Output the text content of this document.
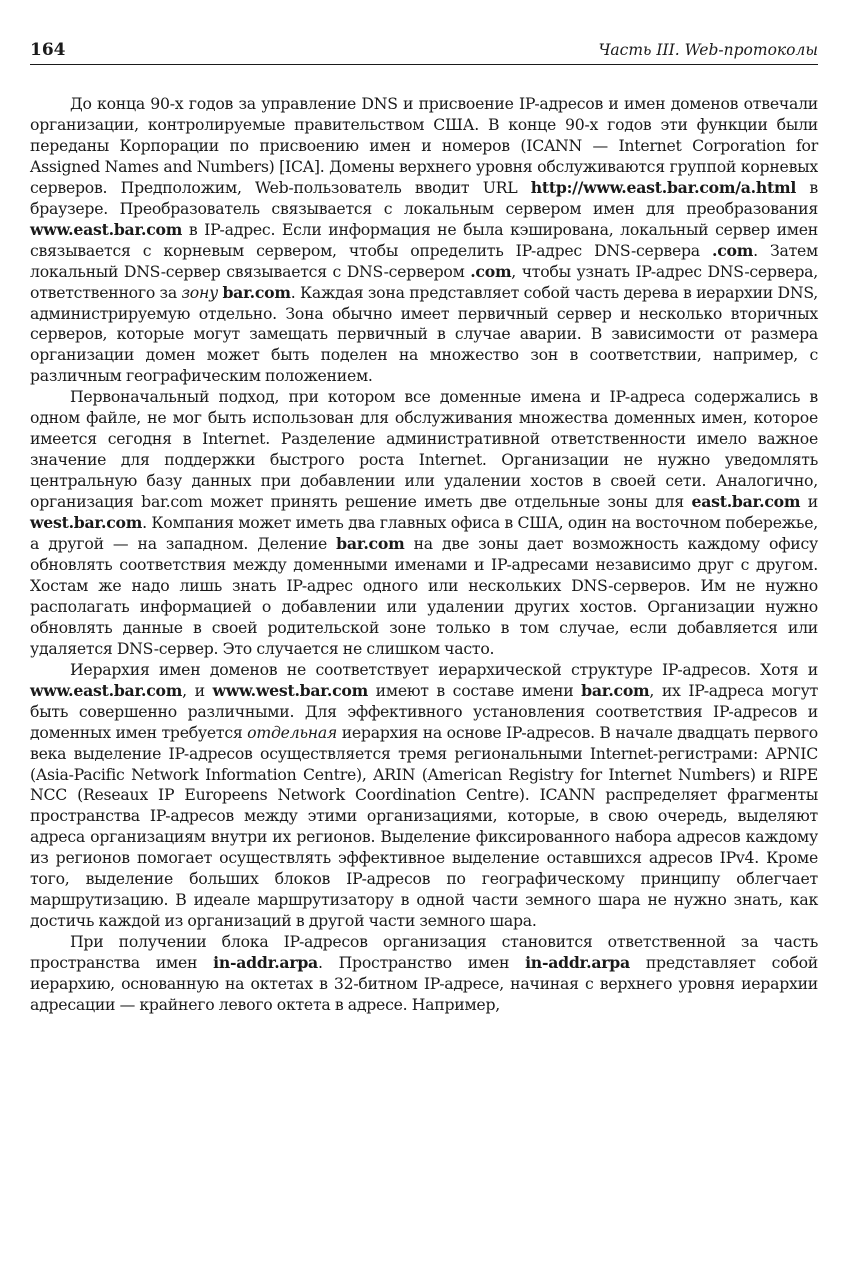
164	Часть III. Web-протоколы

До конца 90-х годов за управление DNS и присвоение IP-адресов и имен доменов отвечали организации, контролируемые правительством США. В конце 90-х годов эти функции были переданы Корпорации по присвоению имен и номеров (ICANN — Internet Corporation for Assigned Names and Numbers) [ICA]. Домены верхнего уровня обслуживаются группой корневых серверов. Предположим, Web-пользователь вводит URL http://www.east.bar.com/a.html в браузере. Преобразователь связывается с локальным сервером имен для преобразования www.east.bar.com в IP-адрес. Если информация не была кэширована, локальный сервер имен связывается с корневым сервером, чтобы определить IP-адрес DNS-сервера .com. Затем локальный DNS-сервер связывается с DNS-сервером .com, чтобы узнать IP-адрес DNS-сервера, ответственного за зону bar.com. Каждая зона представляет собой часть дерева в иерархии DNS, администрируемую отдельно. Зона обычно имеет первичный сервер и несколько вторичных серверов, которые могут замещать первичный в случае аварии. В зависимости от размера организации домен может быть поделен на множество зон в соответствии, например, с различным географическим положением.

Первоначальный подход, при котором все доменные имена и IP-адреса содержались в одном файле, не мог быть использован для обслуживания множества доменных имен, которое имеется сегодня в Internet. Разделение административной ответственности имело важное значение для поддержки быстрого роста Internet. Организации не нужно уведомлять центральную базу данных при добавлении или удалении хостов в своей сети. Аналогично, организация bar.com может принять решение иметь две отдельные зоны для east.bar.com и west.bar.com. Компания может иметь два главных офиса в США, один на восточном побережье, а другой — на западном. Деление bar.com на две зоны дает возможность каждому офису обновлять соответствия между доменными именами и IP-адресами независимо друг с другом. Хостам же надо лишь знать IP-адрес одного или нескольких DNS-серверов. Им не нужно располагать информацией о добавлении или удалении других хостов. Организации нужно обновлять данные в своей родительской зоне только в том случае, если добавляется или удаляется DNS-сервер. Это случается не слишком часто.

Иерархия имен доменов не соответствует иерархической структуре IP-адресов. Хотя и www.east.bar.com, и www.west.bar.com имеют в составе имени bar.com, их IP-адреса могут быть совершенно различными. Для эффективного установления соответствия IP-адресов и доменных имен требуется отдельная иерархия на основе IP-адресов. В начале двадцать первого века выделение IP-адресов осуществляется тремя региональными Internet-регистрами: APNIC (Asia-Pacific Network Information Centre), ARIN (American Registry for Internet Numbers) и RIPE NCC (Reseaux IP Europeens Network Coordination Centre). ICANN распределяет фрагменты пространства IP-адресов между этими организациями, которые, в свою очередь, выделяют адреса организациям внутри их регионов. Выделение фиксированного набора адресов каждому из регионов помогает осуществлять эффективное выделение оставшихся адресов IPv4. Кроме того, выделение больших блоков IP-адресов по географическому принципу облегчает маршрутизацию. В идеале маршрутизатору в одной части земного шара не нужно знать, как достичь каждой из организаций в другой части земного шара.

При получении блока IP-адресов организация становится ответственной за часть пространства имен in-addr.arpa. Пространство имен in-addr.arpa представляет собой иерархию, основанную на октетах в 32-битном IP-адресе, начиная с верхнего уровня иерархии адресации — крайнего левого октета в адресе. Например,
